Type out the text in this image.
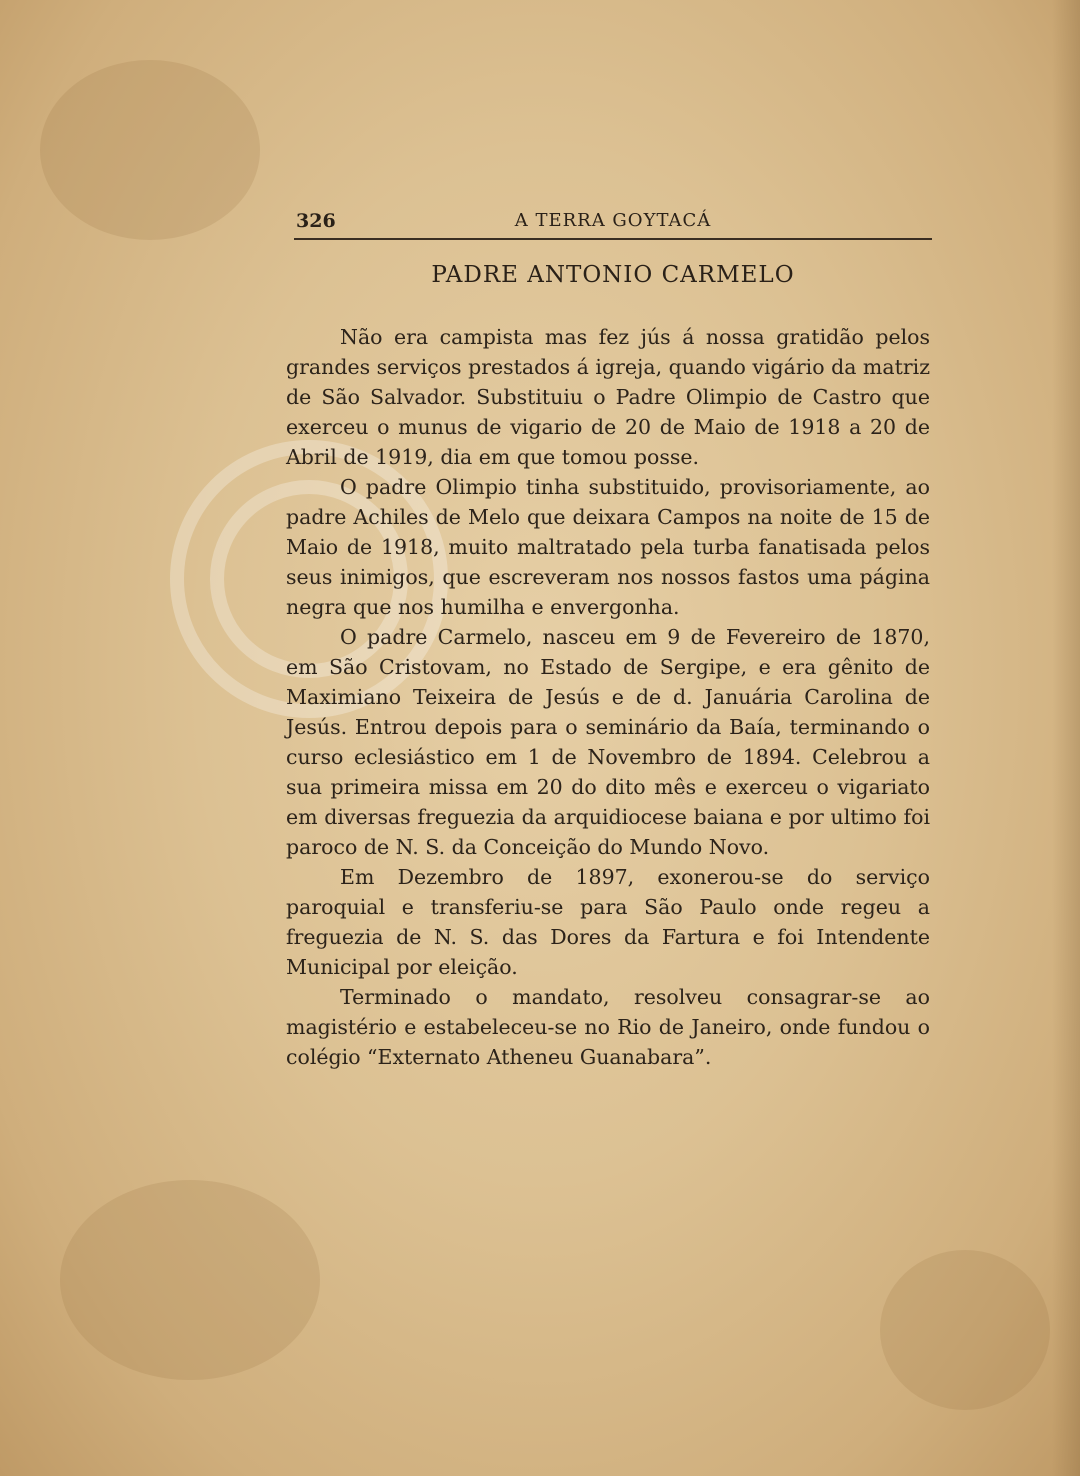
326	A TERRA GOYTACÁ
PADRE ANTONIO CARMELO

Não era campista mas fez jús á nossa gratidão pelos grandes serviços prestados á igreja, quando vigário da matriz de São Salvador. Substituiu o Padre Olimpio de Castro que exerceu o munus de vigario de 20 de Maio de 1918 a 20 de Abril de 1919, dia em que tomou posse.

O padre Olimpio tinha substituido, provisoriamente, ao padre Achiles de Melo que deixara Campos na noite de 15 de Maio de 1918, muito maltratado pela turba fanatisada pelos seus inimigos, que escreveram nos nossos fastos uma página negra que nos humilha e envergonha.

O padre Carmelo, nasceu em 9 de Fevereiro de 1870, em São Cristovam, no Estado de Sergipe, e era gênito de Maximiano Teixeira de Jesús e de d. Januária Carolina de Jesús. Entrou depois para o seminário da Baía, terminando o curso eclesiástico em 1 de Novembro de 1894. Celebrou a sua primeira missa em 20 do dito mês e exerceu o vigariato em diversas freguezia da arquidiocese baiana e por ultimo foi paroco de N. S. da Conceição do Mundo Novo.

Em Dezembro de 1897, exonerou-se do serviço paroquial e transferiu-se para São Paulo onde regeu a freguezia de N. S. das Dores da Fartura e foi Intendente Municipal por eleição.

Terminado o mandato, resolveu consagrar-se ao magistério e estabeleceu-se no Rio de Janeiro, onde fundou o colégio “Externato Atheneu Guanabara”.
